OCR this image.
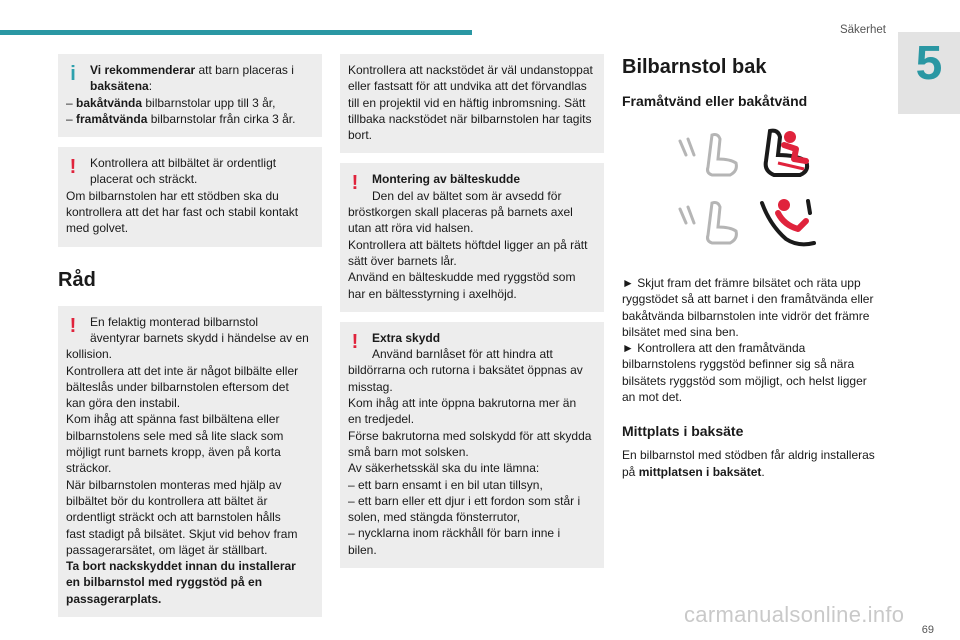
Säkerhet
5
i Vi rekommenderar att barn placeras i
baksätena:
– bakåtvända bilbarnstolar upp till 3 år,
– framåtvända bilbarnstolar från cirka 3 år.
! Kontrollera att bilbältet är ordentligt
placerat och sträckt.
Om bilbarnstolen har ett stödben ska du
kontrollera att det har fast och stabil kontakt
med golvet.
Råd
! En felaktig monterad bilbarnstol
äventyrar barnets skydd i händelse av en
kollision.
Kontrollera att det inte är något bilbälte eller
bälteslås under bilbarnstolen eftersom det
kan göra den instabil.
Kom ihåg att spänna fast bilbältena eller
bilbarnstolens sele med så lite slack som
möjligt runt barnets kropp, även på korta
sträckor.
När bilbarnstolen monteras med hjälp av
bilbältet bör du kontrollera att bältet är
ordentligt sträckt och att barnstolen hålls
fast stadigt på bilsätet. Skjut vid behov fram
passagerarsätet, om läget är ställbart.
Ta bort nackskyddet innan du installerar
en bilbarnstol med ryggstöd på en
passagerarplats.
Kontrollera att nackstödet är väl undanstoppat
eller fastsatt för att undvika att det förvandlas
till en projektil vid en häftig inbromsning. Sätt
tillbaka nackstödet när bilbarnstolen har tagits
bort.
! Montering av bälteskudde
Den del av bältet som är avsedd för
bröstkorgen skall placeras på barnets axel
utan att röra vid halsen.
Kontrollera att bältets höftdel ligger an på rätt
sätt över barnets lår.
Använd en bälteskudde med ryggstöd som
har en bältesstyrning i axelhöjd.
! Extra skydd
Använd barnlåset för att hindra att
bildörrarna och rutorna i baksätet öppnas av
misstag.
Kom ihåg att inte öppna bakrutorna mer än
en tredjedel.
Förse bakrutorna med solskydd för att skydda
små barn mot solsken.
Av säkerhetsskäl ska du inte lämna:
– ett barn ensamt i en bil utan tillsyn,
– ett barn eller ett djur i ett fordon som står i
solen, med stängda fönsterrutor,
– nycklarna inom räckhåll för barn inne i
bilen.
Bilbarnstol bak
Framåtvänd eller bakåtvänd
► Skjut fram det främre bilsätet och räta upp
ryggstödet så att barnet i den framåtvända eller
bakåtvända bilbarnstolen inte vidrör det främre
bilsätet med sina ben.
► Kontrollera att den framåtvända
bilbarnstolens ryggstöd befinner sig så nära
bilsätets ryggstöd som möjligt, och helst ligger
an mot det.
Mittplats i baksäte
En bilbarnstol med stödben får aldrig installeras
på mittplatsen i baksätet.
69
carmanualsonline.info
